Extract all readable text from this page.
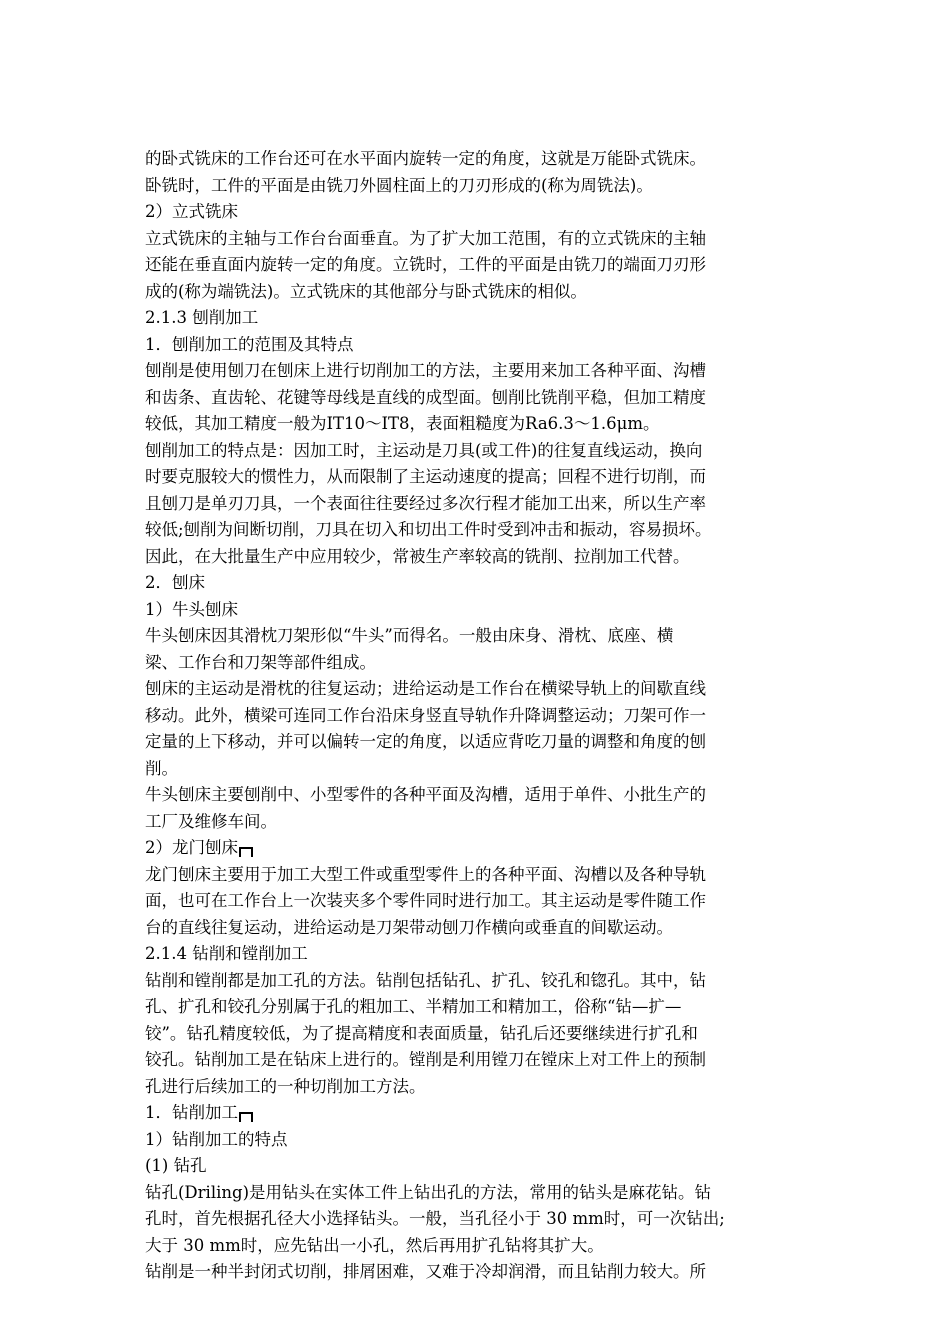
的卧式铣床的工作台还可在水平面内旋转一定的角度，这就是万能卧式铣床。
卧铣时，工件的平面是由铣刀外圆柱面上的刀刃形成的(称为周铣法)。
2）立式铣床
立式铣床的主轴与工作台台面垂直。为了扩大加工范围，有的立式铣床的主轴
还能在垂直面内旋转一定的角度。立铣时，工件的平面是由铣刀的端面刀刃形
成的(称为端铣法)。立式铣床的其他部分与卧式铣床的相似。
2.1.3 刨削加工
1．刨削加工的范围及其特点
刨削是使用刨刀在刨床上进行切削加工的方法，主要用来加工各种平面、沟槽
和齿条、直齿轮、花键等母线是直线的成型面。刨削比铣削平稳，但加工精度
较低，其加工精度一般为IT10～IT8，表面粗糙度为Ra6.3～1.6μm。
刨削加工的特点是：因加工时，主运动是刀具(或工件)的往复直线运动，换向
时要克服较大的惯性力，从而限制了主运动速度的提高；回程不进行切削，而
且刨刀是单刃刀具，一个表面往往要经过多次行程才能加工出来，所以生产率
较低;刨削为间断切削，刀具在切入和切出工件时受到冲击和振动，容易损坏。
因此，在大批量生产中应用较少，常被生产率较高的铣削、拉削加工代替。
2．刨床
1）牛头刨床
牛头刨床因其滑枕刀架形似“牛头”而得名。一般由床身、滑枕、底座、横
梁、工作台和刀架等部件组成。
刨床的主运动是滑枕的往复运动；进给运动是工作台在横梁导轨上的间歇直线
移动。此外，横梁可连同工作台沿床身竖直导轨作升降调整运动；刀架可作一
定量的上下移动，并可以偏转一定的角度，以适应背吃刀量的调整和角度的刨
削。
牛头刨床主要刨削中、小型零件的各种平面及沟槽，适用于单件、小批生产的
工厂及维修车间。
2）龙门刨床
龙门刨床主要用于加工大型工件或重型零件上的各种平面、沟槽以及各种导轨
面，也可在工作台上一次装夹多个零件同时进行加工。其主运动是零件随工作
台的直线往复运动，进给运动是刀架带动刨刀作横向或垂直的间歇运动。
2.1.4 钻削和镗削加工
钻削和镗削都是加工孔的方法。钻削包括钻孔、扩孔、铰孔和锪孔。其中，钻
孔、扩孔和铰孔分别属于孔的粗加工、半精加工和精加工，俗称“钻—扩—
铰”。钻孔精度较低，为了提高精度和表面质量，钻孔后还要继续进行扩孔和
铰孔。钻削加工是在钻床上进行的。镗削是利用镗刀在镗床上对工件上的预制
孔进行后续加工的一种切削加工方法。
1．钻削加工
1）钻削加工的特点
(1) 钻孔
钻孔(Driling)是用钻头在实体工件上钻出孔的方法，常用的钻头是麻花钻。钻
孔时，首先根据孔径大小选择钻头。一般，当孔径小于 30 mm时，可一次钻出;
大于 30 mm时，应先钻出一小孔，然后再用扩孔钻将其扩大。
钻削是一种半封闭式切削，排屑困难，又难于冷却润滑，而且钻削力较大。所
